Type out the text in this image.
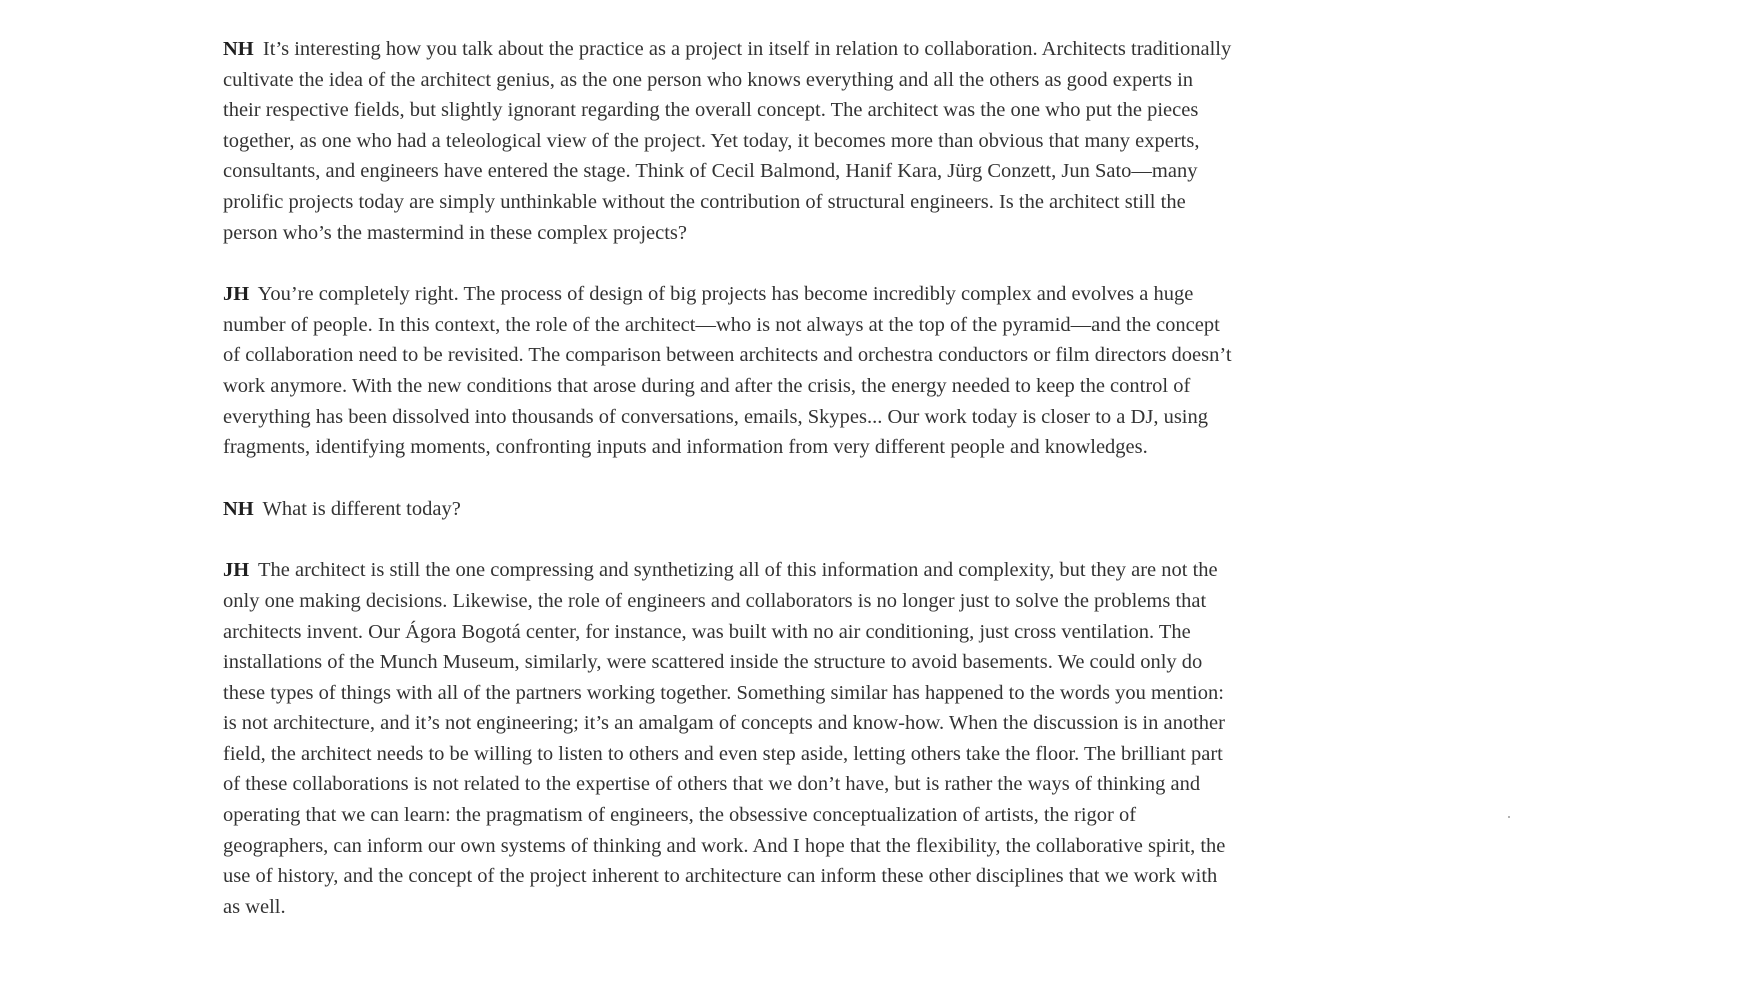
NH It’s interesting how you talk about the practice as a project in itself in relation to collaboration. Architects traditionally cultivate the idea of the architect genius, as the one person who knows everything and all the others as good experts in their respective fields, but slightly ignorant regarding the overall concept. The architect was the one who put the pieces together, as one who had a teleological view of the project. Yet today, it becomes more than obvious that many experts, consultants, and engineers have entered the stage. Think of Cecil Balmond, Hanif Kara, Jürg Conzett, Jun Sato—many prolific projects today are simply unthinkable without the contribution of structural engineers. Is the architect still the person who’s the mastermind in these complex projects?

JH You’re completely right. The process of design of big projects has become incredibly complex and evolves a huge number of people. In this context, the role of the architect—who is not always at the top of the pyramid—and the concept of collaboration need to be revisited. The comparison between architects and orchestra conductors or film directors doesn’t work anymore. With the new conditions that arose during and after the crisis, the energy needed to keep the control of everything has been dissolved into thousands of conversations, emails, Skypes... Our work today is closer to a DJ, using fragments, identifying moments, confronting inputs and information from very different people and knowledges.

NH What is different today?

JH The architect is still the one compressing and synthetizing all of this information and complexity, but they are not the only one making decisions. Likewise, the role of engineers and collaborators is no longer just to solve the problems that architects invent. Our Ágora Bogotá center, for instance, was built with no air conditioning, just cross ventilation. The installations of the Munch Museum, similarly, were scattered inside the structure to avoid basements. We could only do these types of things with all of the partners working together. Something similar has happened to the words you mention: is not architecture, and it’s not engineering; it’s an amalgam of concepts and know-how. When the discussion is in another field, the architect needs to be willing to listen to others and even step aside, letting others take the floor. The brilliant part of these collaborations is not related to the expertise of others that we don’t have, but is rather the ways of thinking and operating that we can learn: the pragmatism of engineers, the obsessive conceptualization of artists, the rigor of geographers, can inform our own systems of thinking and work. And I hope that the flexibility, the collaborative spirit, the use of history, and the concept of the project inherent to architecture can inform these other disciplines that we work with as well.
